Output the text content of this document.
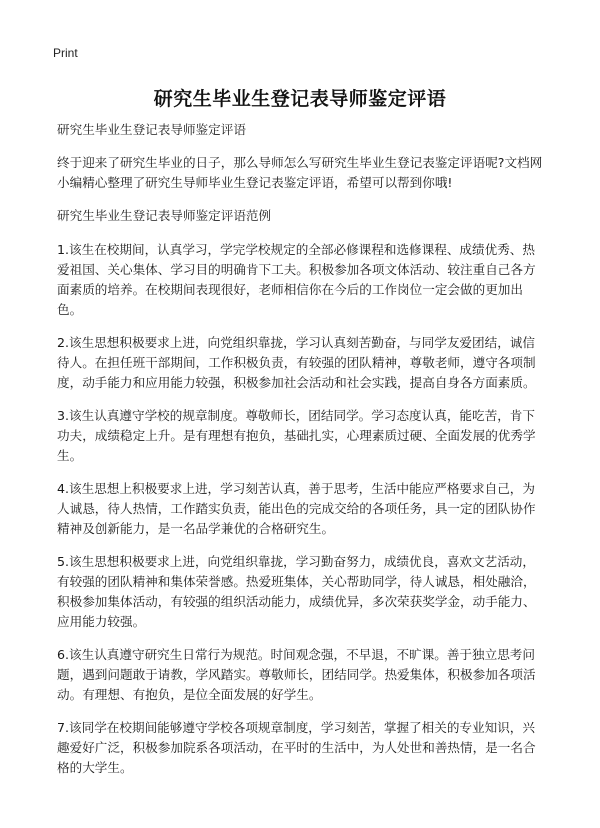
Print
研究生毕业生登记表导师鉴定评语

研究生毕业生登记表导师鉴定评语

终于迎来了研究生毕业的日子，那么导师怎么写研究生毕业生登记表鉴定评语呢?文档网小编精心整理了研究生导师毕业生登记表鉴定评语，希望可以帮到你哦!

研究生毕业生登记表导师鉴定评语范例

1.该生在校期间，认真学习，学完学校规定的全部必修课程和选修课程、成绩优秀、热爱祖国、关心集体、学习目的明确肯下工夫。积极参加各项文体活动、较注重自己各方面素质的培养。在校期间表现很好，老师相信你在今后的工作岗位一定会做的更加出色。

2.该生思想积极要求上进，向党组织靠拢，学习认真刻苦勤奋，与同学友爱团结，诚信待人。在担任班干部期间，工作积极负责，有较强的团队精神，尊敬老师，遵守各项制度，动手能力和应用能力较强，积极参加社会活动和社会实践，提高自身各方面素质。

3.该生认真遵守学校的规章制度。尊敬师长，团结同学。学习态度认真，能吃苦，肯下功夫，成绩稳定上升。是有理想有抱负，基础扎实，心理素质过硬、全面发展的优秀学生。

4.该生思想上积极要求上进，学习刻苦认真，善于思考，生活中能应严格要求自己，为人诚恳，待人热情，工作踏实负责，能出色的完成交给的各项任务，具一定的团队协作精神及创新能力，是一名品学兼优的合格研究生。

5.该生思想积极要求上进，向党组织靠拢，学习勤奋努力，成绩优良，喜欢文艺活动，有较强的团队精神和集体荣誉感。热爱班集体，关心帮助同学，待人诚恳，相处融洽，积极参加集体活动，有较强的组织活动能力，成绩优异，多次荣获奖学金，动手能力、应用能力较强。

6.该生认真遵守研究生日常行为规范。时间观念强，不早退，不旷课。善于独立思考问题，遇到问题敢于请教，学风踏实。尊敬师长，团结同学。热爱集体，积极参加各项活动。有理想、有抱负，是位全面发展的好学生。

7.该同学在校期间能够遵守学校各项规章制度，学习刻苦，掌握了相关的专业知识，兴趣爱好广泛，积极参加院系各项活动，在平时的生活中，为人处世和善热情，是一名合格的大学生。
